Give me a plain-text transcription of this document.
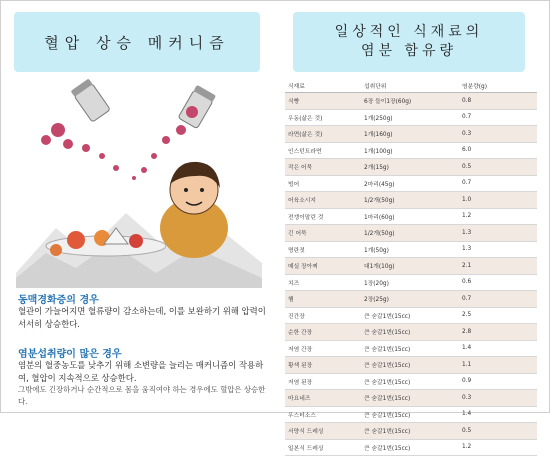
혈압 상승 메커니즘
동맥경화증의 경우
혈관이 가늘어지면 혈류량이 감소하는데, 이를 보완하기 위해 압력이 서서히 상승한다.
염분섭취량이 많은 경우
염분의 혈중농도를 낮추기 위해 소변량을 늘리는 매커니즘이 작용하여, 혈압이 지속적으로 상승한다.
그밖에도 긴장하거나 순간적으로 몸을 움직여야 하는 경우에도 혈압은 상승한다.
일상적인 식재료의
염분 함유량
식재료	섭취단위	염분량(g)
식빵	6장 들이1장(60g)	0.8
우동(삶은 것)	1개(250g)	0.7
라면(삶은 것)	1개(160g)	0.3
인스턴트라면	1개(100g)	6.0
작은 어묵	2개(15g)	0.5
빙어	2마리(45g)	0.7
어육소시지	1/2개(50g)	1.0
전갱이말린 것	1마리(60g)	1.2
긴 어묵	1/2개(50g)	1.3
명란젓	1개(50g)	1.3
매실 장아찌	대1개(10g)	2.1
치즈	1장(20g)	0.6
햄	2장(25g)	0.7
진간장	큰 숟갈1번(15cc)	2.5
순한 간장	큰 숟갈1번(15cc)	2.8
저염 간장	큰 숟갈1번(15cc)	1.4
황색 된장	큰 숟갈1번(15cc)	1.1
저염 된장	큰 숟갈1번(15cc)	0.9
마요네즈	큰 숟갈1번(15cc)	0.3
우스터소스	큰 숟갈1번(15cc)	1.4
서양식 드레싱	큰 숟갈1번(15cc)	0.5
일본식 드레싱	큰 숟갈1번(15cc)	1.2
